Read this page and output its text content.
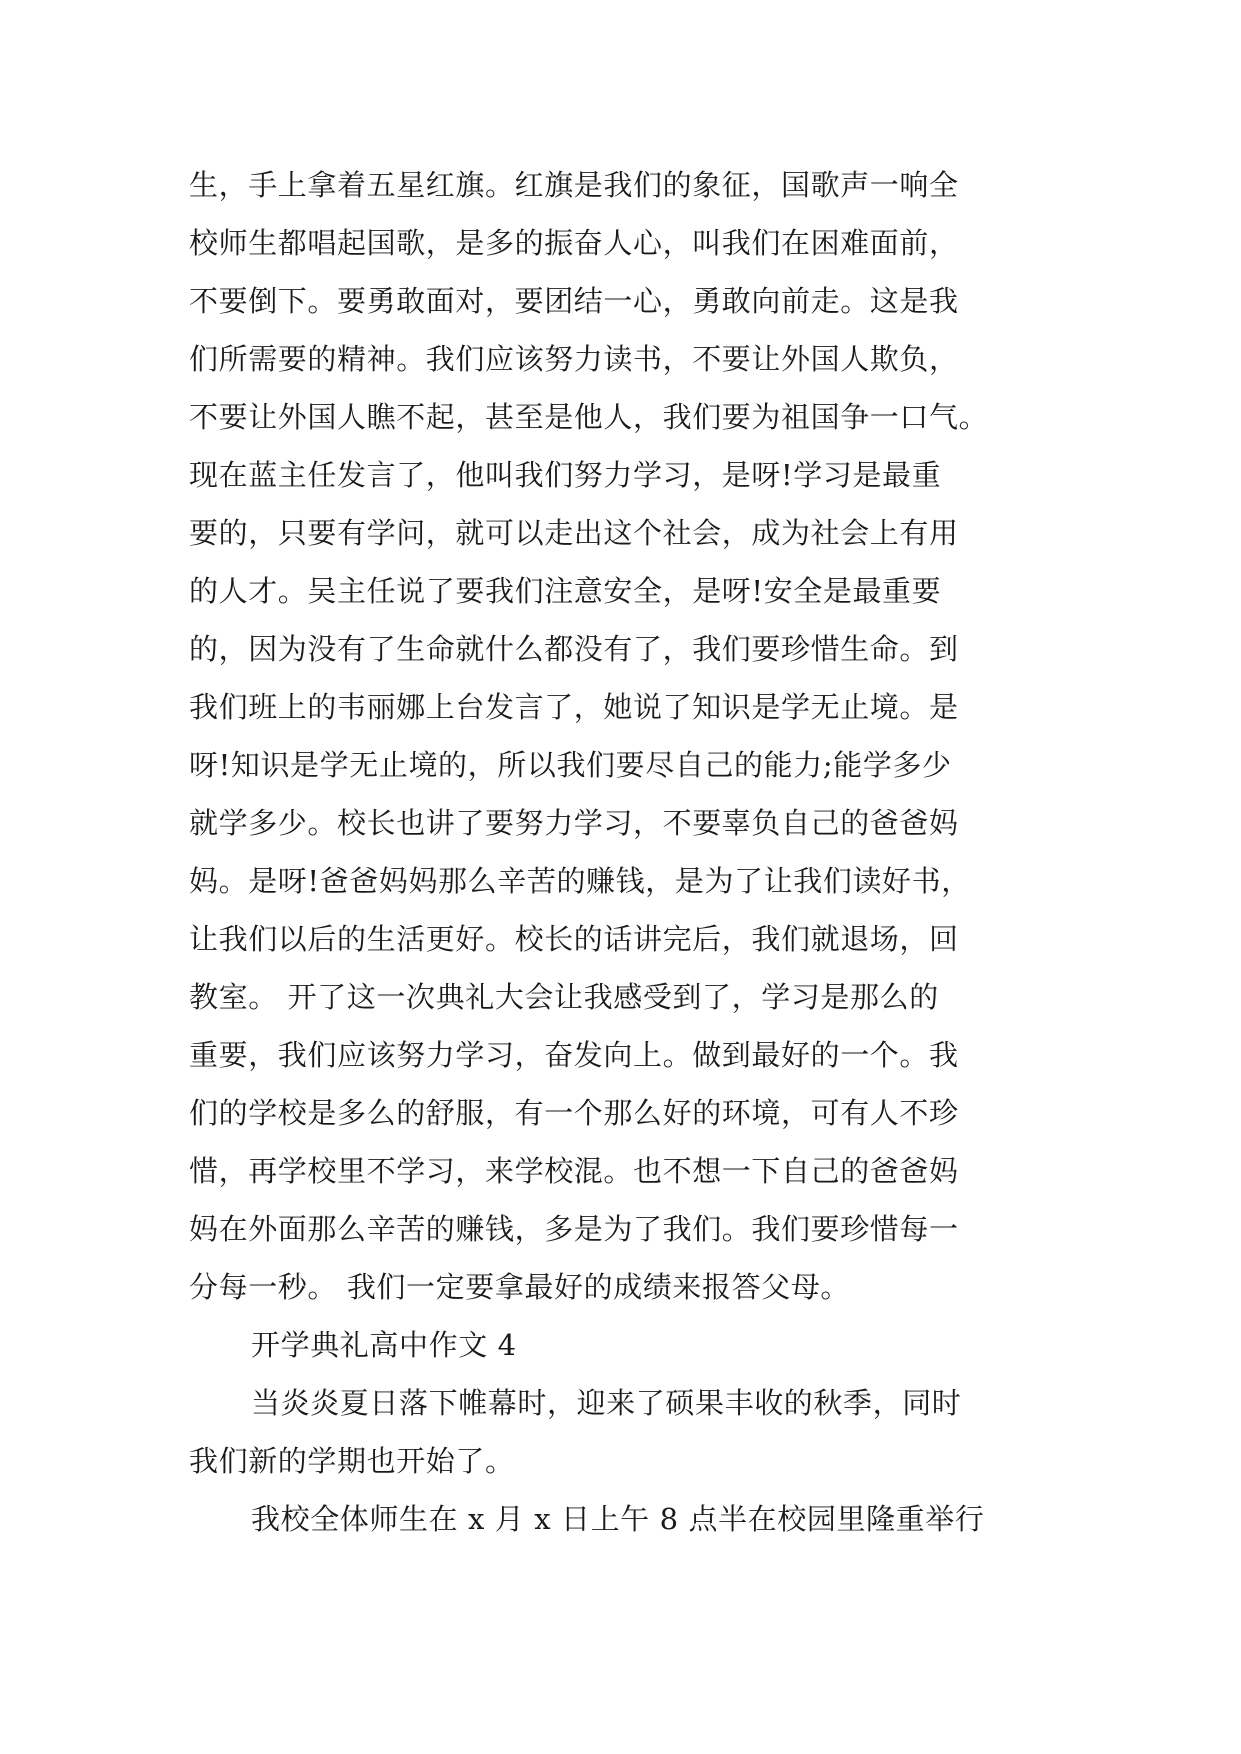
生，手上拿着五星红旗。红旗是我们的象征，国歌声一响全
校师生都唱起国歌，是多的振奋人心，叫我们在困难面前，
不要倒下。要勇敢面对，要团结一心，勇敢向前走。这是我
们所需要的精神。我们应该努力读书，不要让外国人欺负，
不要让外国人瞧不起，甚至是他人，我们要为祖国争一口气。
现在蓝主任发言了，他叫我们努力学习，是呀!学习是最重
要的，只要有学问，就可以走出这个社会，成为社会上有用
的人才。吴主任说了要我们注意安全，是呀!安全是最重要
的，因为没有了生命就什么都没有了，我们要珍惜生命。到
我们班上的韦丽娜上台发言了，她说了知识是学无止境。是
呀!知识是学无止境的，所以我们要尽自己的能力;能学多少
就学多少。校长也讲了要努力学习，不要辜负自己的爸爸妈
妈。是呀!爸爸妈妈那么辛苦的赚钱，是为了让我们读好书，
让我们以后的生活更好。校长的话讲完后，我们就退场，回
教室。 开了这一次典礼大会让我感受到了，学习是那么的
重要，我们应该努力学习，奋发向上。做到最好的一个。我
们的学校是多么的舒服，有一个那么好的环境，可有人不珍
惜，再学校里不学习，来学校混。也不想一下自己的爸爸妈
妈在外面那么辛苦的赚钱，多是为了我们。我们要珍惜每一
分每一秒。 我们一定要拿最好的成绩来报答父母。
开学典礼高中作文 4
当炎炎夏日落下帷幕时，迎来了硕果丰收的秋季，同时
我们新的学期也开始了。
我校全体师生在 x 月 x 日上午 8 点半在校园里隆重举行
